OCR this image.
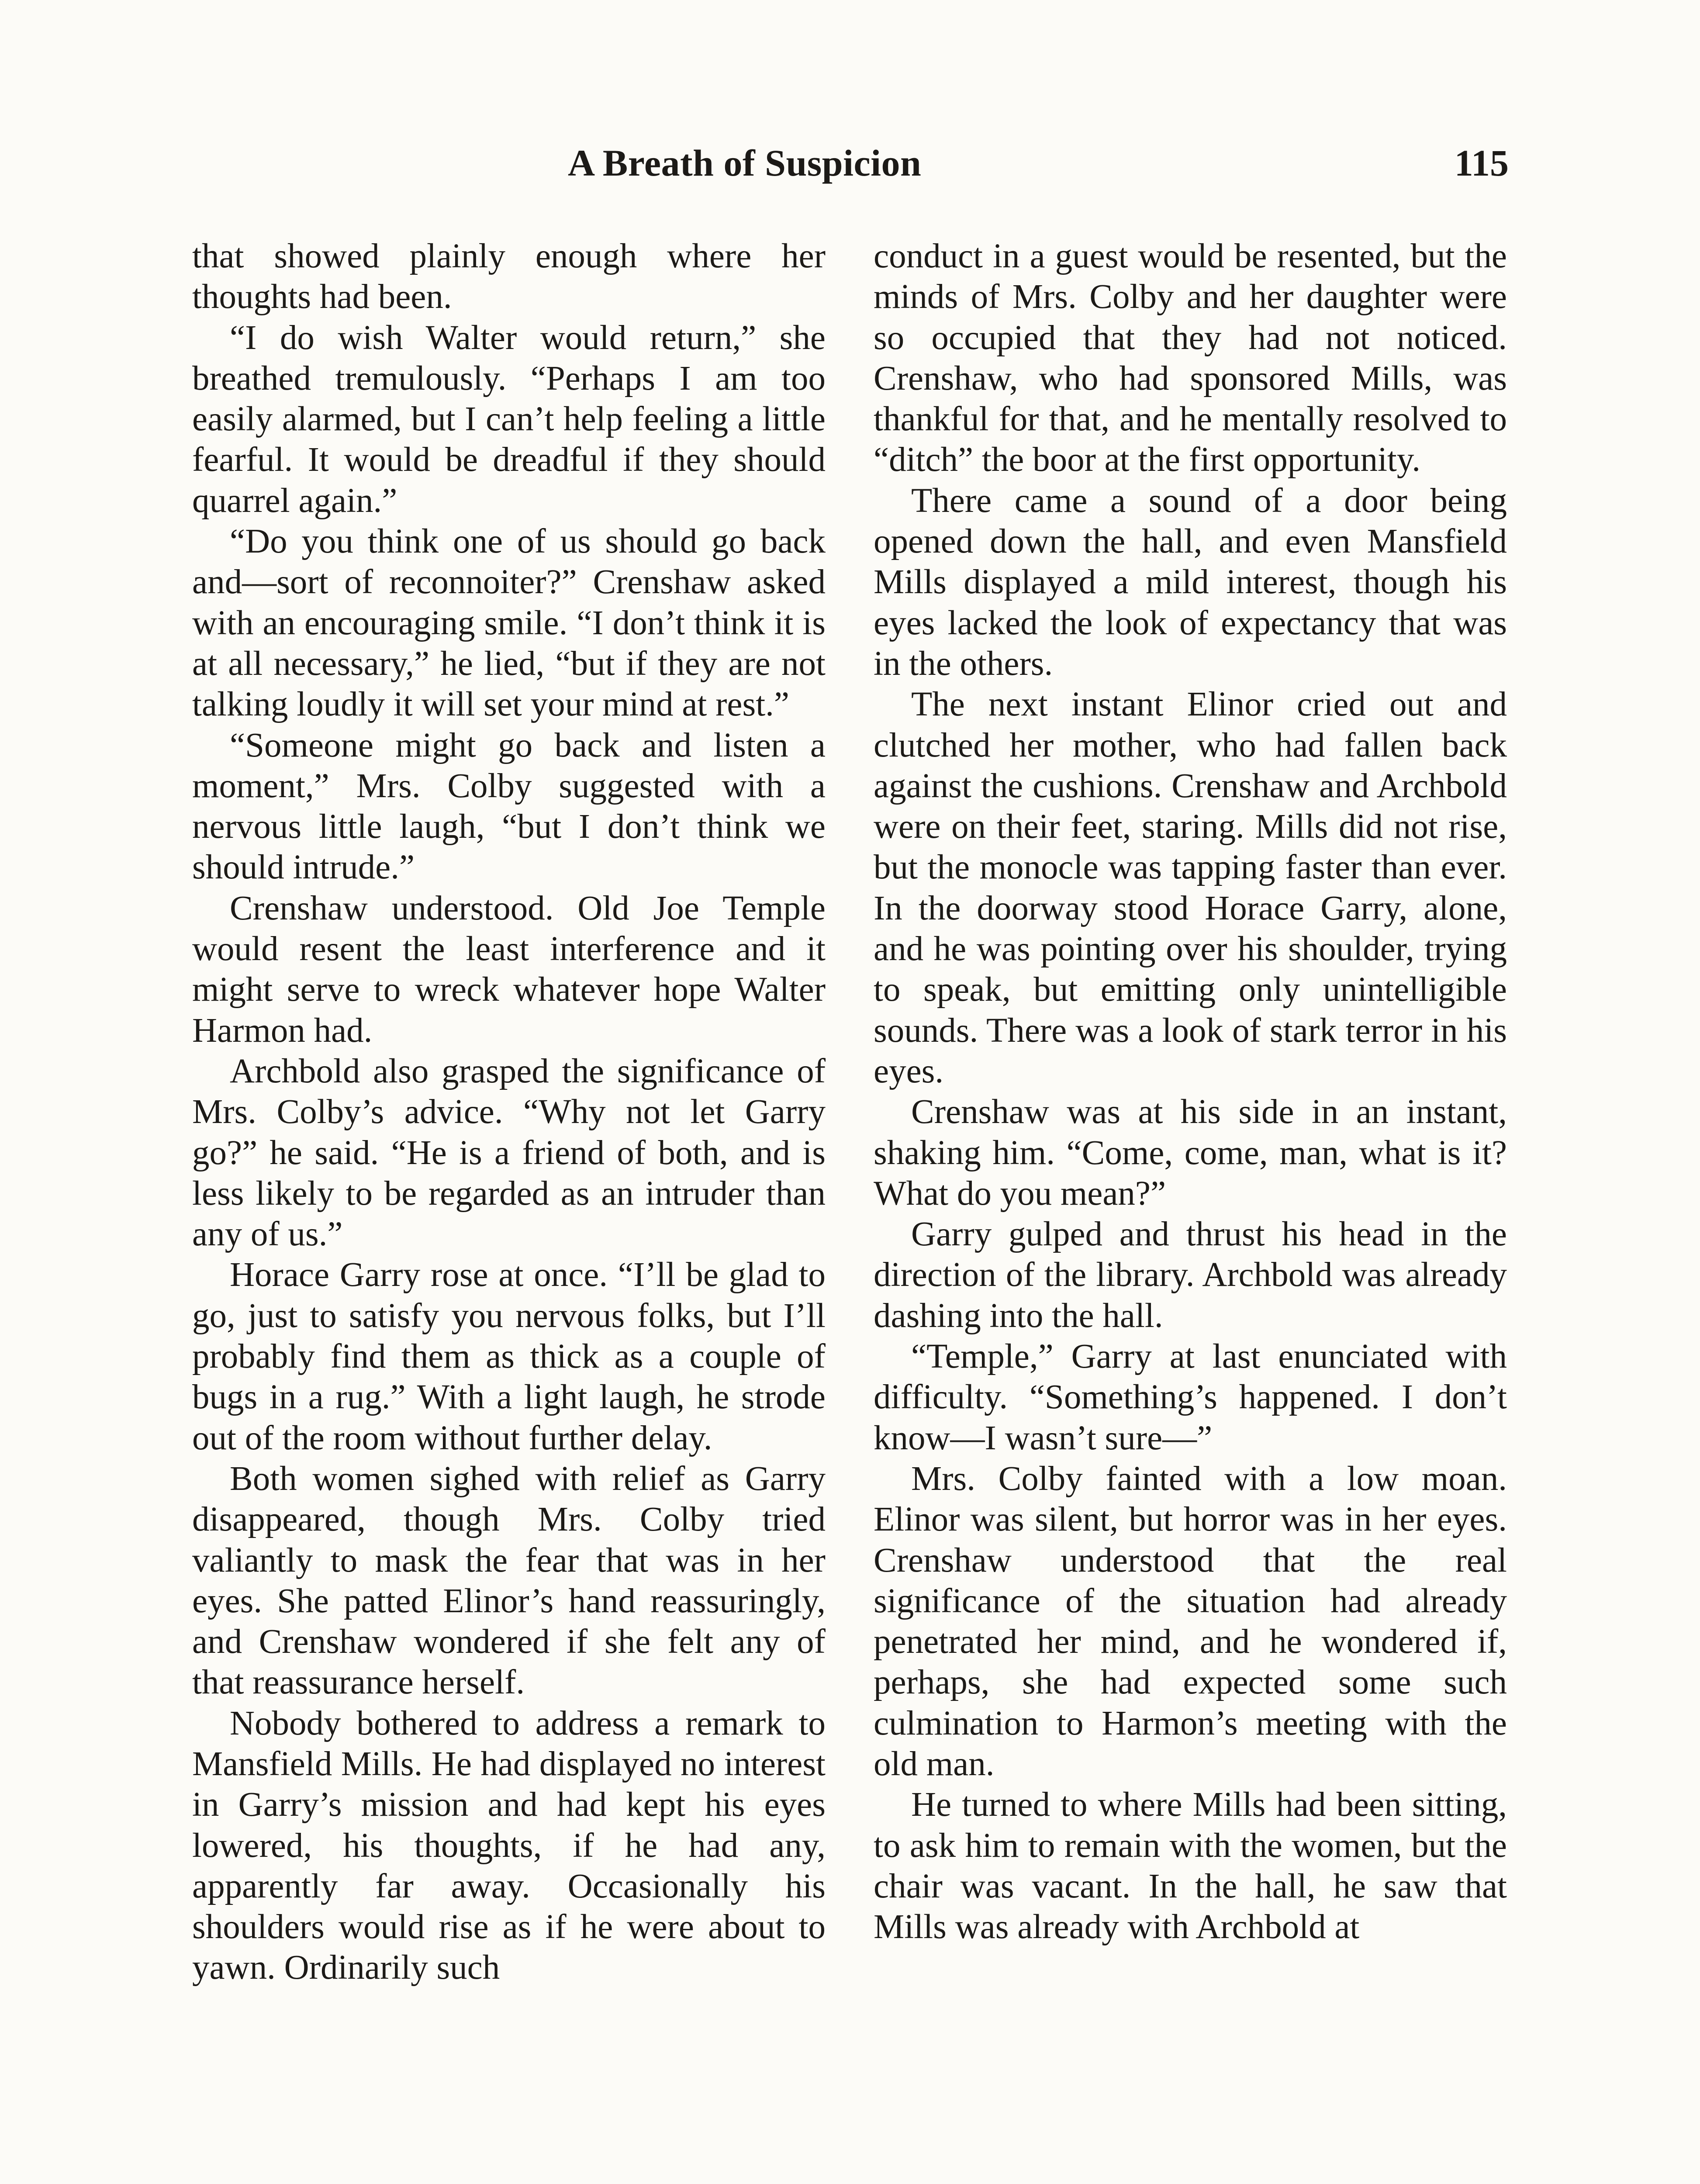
A Breath of Suspicion	115

that showed plainly enough where her thoughts had been.

“I do wish Walter would return,” she breathed tremulously. “Perhaps I am too easily alarmed, but I can’t help feeling a little fearful. It would be dreadful if they should quarrel again.”

“Do you think one of us should go back and—sort of reconnoiter?” Crenshaw asked with an encouraging smile. “I don’t think it is at all necessary,” he lied, “but if they are not talking loudly it will set your mind at rest.”

“Someone might go back and listen a moment,” Mrs. Colby suggested with a nervous little laugh, “but I don’t think we should intrude.”

Crenshaw understood. Old Joe Temple would resent the least interference and it might serve to wreck whatever hope Walter Harmon had.

Archbold also grasped the significance of Mrs. Colby’s advice. “Why not let Garry go?” he said. “He is a friend of both, and is less likely to be regarded as an intruder than any of us.”

Horace Garry rose at once. “I’ll be glad to go, just to satisfy you nervous folks, but I’ll probably find them as thick as a couple of bugs in a rug.” With a light laugh, he strode out of the room without further delay.

Both women sighed with relief as Garry disappeared, though Mrs. Colby tried valiantly to mask the fear that was in her eyes. She patted Elinor’s hand reassuringly, and Crenshaw wondered if she felt any of that reassurance herself.

Nobody bothered to address a remark to Mansfield Mills. He had displayed no interest in Garry’s mission and had kept his eyes lowered, his thoughts, if he had any, apparently far away. Occasionally his shoulders would rise as if he were about to yawn. Ordinarily such

conduct in a guest would be resented, but the minds of Mrs. Colby and her daughter were so occupied that they had not noticed. Crenshaw, who had sponsored Mills, was thankful for that, and he mentally resolved to “ditch” the boor at the first opportunity.

There came a sound of a door being opened down the hall, and even Mansfield Mills displayed a mild interest, though his eyes lacked the look of expectancy that was in the others.

The next instant Elinor cried out and clutched her mother, who had fallen back against the cushions. Crenshaw and Archbold were on their feet, staring. Mills did not rise, but the monocle was tapping faster than ever. In the doorway stood Horace Garry, alone, and he was pointing over his shoulder, trying to speak, but emitting only unintelligible sounds. There was a look of stark terror in his eyes.

Crenshaw was at his side in an instant, shaking him. “Come, come, man, what is it? What do you mean?”

Garry gulped and thrust his head in the direction of the library. Archbold was already dashing into the hall.

“Temple,” Garry at last enunciated with difficulty. “Something’s happened. I don’t know—I wasn’t sure—”

Mrs. Colby fainted with a low moan. Elinor was silent, but horror was in her eyes. Crenshaw understood that the real significance of the situation had already penetrated her mind, and he wondered if, perhaps, she had expected some such culmination to Harmon’s meeting with the old man.

He turned to where Mills had been sitting, to ask him to remain with the women, but the chair was vacant. In the hall, he saw that Mills was already with Archbold at
